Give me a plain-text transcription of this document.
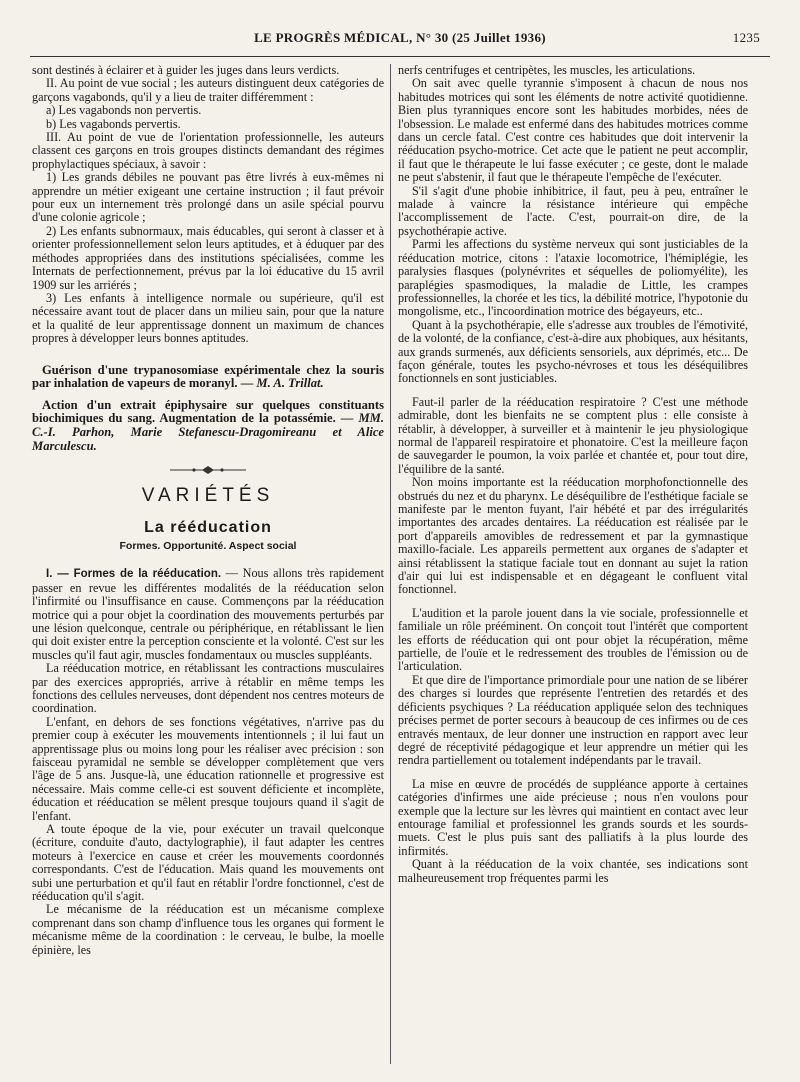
LE PROGRÈS MÉDICAL, N° 30 (25 Juillet 1936)	1235

sont destinés à éclairer et à guider les juges dans leurs verdicts.

II. Au point de vue social ; les auteurs distinguent deux catégories de garçons vagabonds, qu'il y a lieu de traiter différemment :

a) Les vagabonds non pervertis.

b) Les vagabonds pervertis.

III. Au point de vue de l'orientation professionnelle, les auteurs classent ces garçons en trois groupes distincts demandant des régimes prophylactiques spéciaux, à savoir :

1) Les grands débiles ne pouvant pas être livrés à eux-mêmes ni apprendre un métier exigeant une certaine instruction ; il faut prévoir pour eux un internement très prolongé dans un asile spécial pourvu d'une colonie agricole ;

2) Les enfants subnormaux, mais éducables, qui seront à classer et à orienter professionnellement selon leurs aptitudes, et à éduquer par des méthodes appropriées dans des institutions spécialisées, comme les Internats de perfectionnement, prévus par la loi éducative du 15 avril 1909 sur les arriérés ;

3) Les enfants à intelligence normale ou supérieure, qu'il est nécessaire avant tout de placer dans un milieu sain, pour que la nature et la qualité de leur apprentissage donnent un maximum de chances propres à développer leurs bonnes aptitudes.

Guérison d'une trypanosomiase expérimentale chez la souris par inhalation de vapeurs de moranyl. — M. A. Trillat.

Action d'un extrait épiphysaire sur quelques constituants biochimiques du sang. Augmentation de la potassémie. — MM. C.-I. Parhon, Marie Stefanescu-Dragomireanu et Alice Marculescu.

VARIÉTÉS
La rééducation
Formes. Opportunité. Aspect social

I. — Formes de la rééducation. — Nous allons très rapidement passer en revue les différentes modalités de la rééducation selon l'infirmité ou l'insuffisance en cause. Commençons par la rééducation motrice qui a pour objet la coordination des mouvements perturbés par une lésion quelconque, centrale ou périphérique, en rétablissant le lien qui doit exister entre la perception consciente et la volonté. C'est sur les muscles qu'il faut agir, muscles fondamentaux ou muscles suppléants.

La rééducation motrice, en rétablissant les contractions musculaires par des exercices appropriés, arrive à rétablir en même temps les fonctions des cellules nerveuses, dont dépendent nos centres moteurs de coordination.

L'enfant, en dehors de ses fonctions végétatives, n'arrive pas du premier coup à exécuter les mouvements intentionnels ; il lui faut un apprentissage plus ou moins long pour les réaliser avec précision : son faisceau pyramidal ne semble se développer complètement que vers l'âge de 5 ans. Jusque-là, une éducation rationnelle et progressive est nécessaire. Mais comme celle-ci est souvent déficiente et incomplète, éducation et rééducation se mêlent presque toujours quand il s'agit de l'enfant.

A toute époque de la vie, pour exécuter un travail quelconque (écriture, conduite d'auto, dactylographie), il faut adapter les centres moteurs à l'exercice en cause et créer les mouvements coordonnés correspondants. C'est de l'éducation. Mais quand les mouvements ont subi une perturbation et qu'il faut en rétablir l'ordre fonctionnel, c'est de rééducation qu'il s'agit.

Le mécanisme de la rééducation est un mécanisme complexe comprenant dans son champ d'influence tous les organes qui forment le mécanisme même de la coordination : le cerveau, le bulbe, la moelle épinière, les

nerfs centrifuges et centripètes, les muscles, les articulations.

On sait avec quelle tyrannie s'imposent à chacun de nous nos habitudes motrices qui sont les éléments de notre activité quotidienne. Bien plus tyranniques encore sont les habitudes morbides, nées de l'obsession. Le malade est enfermé dans des habitudes motrices comme dans un cercle fatal. C'est contre ces habitudes que doit intervenir la rééducation psycho-motrice. Cet acte que le patient ne peut accomplir, il faut que le thérapeute le lui fasse exécuter ; ce geste, dont le malade ne peut s'abstenir, il faut que le thérapeute l'empêche de l'exécuter.

S'il s'agit d'une phobie inhibitrice, il faut, peu à peu, entraîner le malade à vaincre la résistance intérieure qui empêche l'accomplissement de l'acte. C'est, pourrait-on dire, de la psychothérapie active.

Parmi les affections du système nerveux qui sont justiciables de la rééducation motrice, citons : l'ataxie locomotrice, l'hémiplégie, les paralysies flasques (polynévrites et séquelles de poliomyélite), les paraplégies spasmodiques, la maladie de Little, les crampes professionnelles, la chorée et les tics, la débilité motrice, l'hypotonie du mongolisme, etc., l'incoordination motrice des bégayeurs, etc..

Quant à la psychothérapie, elle s'adresse aux troubles de l'émotivité, de la volonté, de la confiance, c'est-à-dire aux phobiques, aux hésitants, aux grands surmenés, aux déficients sensoriels, aux déprimés, etc... De façon générale, toutes les psycho-névroses et tous les déséquilibres fonctionnels en sont justiciables.

Faut-il parler de la rééducation respiratoire ? C'est une méthode admirable, dont les bienfaits ne se comptent plus : elle consiste à rétablir, à développer, à surveiller et à maintenir le jeu physiologique normal de l'appareil respiratoire et phonatoire. C'est la meilleure façon de sauvegarder le poumon, la voix parlée et chantée et, pour tout dire, l'équilibre de la santé.

Non moins importante est la rééducation morphofonctionnelle des obstrués du nez et du pharynx. Le déséquilibre de l'esthétique faciale se manifeste par le menton fuyant, l'air hébété et par des irrégularités importantes des arcades dentaires. La rééducation est réalisée par le port d'appareils amovibles de redressement et par la gymnastique maxillo-faciale. Les appareils permettent aux organes de s'adapter et ainsi rétablissent la statique faciale tout en donnant au sujet la ration d'air qui lui est indispensable et en dégageant le confluent vital fonctionnel.

L'audition et la parole jouent dans la vie sociale, professionnelle et familiale un rôle prééminent. On conçoit tout l'intérêt que comportent les efforts de rééducation qui ont pour objet la récupération, même partielle, de l'ouïe et le redressement des troubles de l'émission ou de l'articulation.

Et que dire de l'importance primordiale pour une nation de se libérer des charges si lourdes que représente l'entretien des retardés et des déficients psychiques ? La rééducation appliquée selon des techniques précises permet de porter secours à beaucoup de ces infirmes ou de ces entravés mentaux, de leur donner une instruction en rapport avec leur degré de réceptivité pédagogique et leur apprendre un métier qui les rendra partiellement ou totalement indépendants par le travail.

La mise en œuvre de procédés de suppléance apporte à certaines catégories d'infirmes une aide précieuse ; nous n'en voulons pour exemple que la lecture sur les lèvres qui maintient en contact avec leur entourage familial et professionnel les grands sourds et les sourds-muets. C'est le plus puis sant des palliatifs à la plus lourde des infirmités.

Quant à la rééducation de la voix chantée, ses indications sont malheureusement trop fréquentes parmi les
